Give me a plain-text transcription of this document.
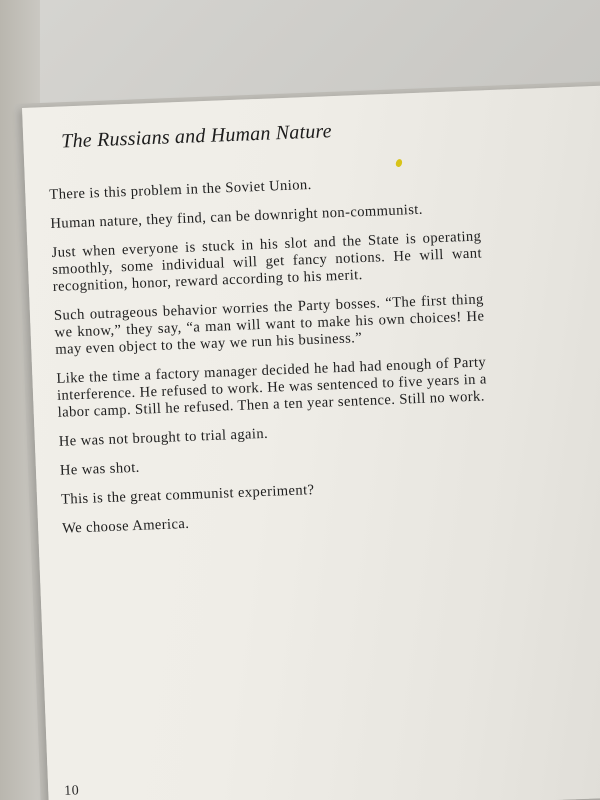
The Russians and Human Nature

There is this problem in the Soviet Union.

Human nature, they find, can be downright non-communist.

Just when everyone is stuck in his slot and the State is operating smoothly, some individual will get fancy notions. He will want recognition, honor, reward according to his merit.

Such outrageous behavior worries the Party bosses. “The first thing we know,” they say, “a man will want to make his own choices! He may even object to the way we run his business.”

Like the time a factory manager decided he had had enough of Party interference. He refused to work. He was sentenced to five years in a labor camp. Still he refused. Then a ten year sentence. Still no work.

He was not brought to trial again.

He was shot.

This is the great communist experiment?

We choose America.

10
